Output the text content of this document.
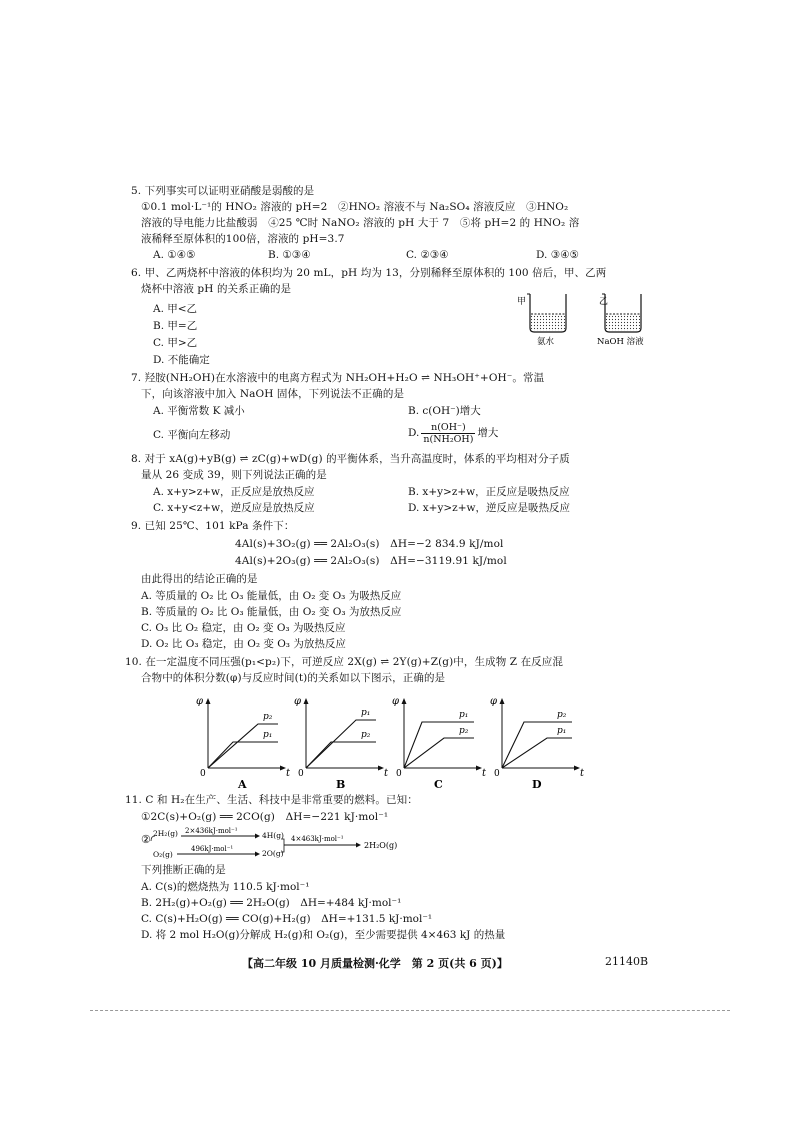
5. 下列事实可以证明亚硝酸是弱酸的是
①0.1 mol·L⁻¹的 HNO₂ 溶液的 pH=2　②HNO₂ 溶液不与 Na₂SO₄ 溶液反应　③HNO₂
溶液的导电能力比盐酸弱　④25 ℃时 NaNO₂ 溶液的 pH 大于 7　⑤将 pH=2 的 HNO₂ 溶
液稀释至原体积的100倍，溶液的 pH=3.7
A. ①④⑤	B. ①③④	C. ②③④	D. ③④⑤
6. 甲、乙两烧杯中溶液的体积均为 20 mL，pH 均为 13，分别稀释至原体积的 100 倍后，甲、乙两
烧杯中溶液 pH 的关系正确的是
A. 甲<乙
B. 甲=乙
C. 甲>乙
D. 不能确定
甲
氨水
乙
NaOH 溶液
7. 羟胺(NH₂OH)在水溶液中的电离方程式为 NH₂OH+H₂O ⇌ NH₃OH⁺+OH⁻。常温
下，向该溶液中加入 NaOH 固体，下列说法不正确的是
A. 平衡常数 K 减小	B. c(OH⁻)增大
C. 平衡向左移动	D. $\frac{n(OH^-)}{\text{n(NH₂OH)}}$ 增大
8. 对于 xA(g)+yB(g) ⇌ zC(g)+wD(g) 的平衡体系，当升高温度时，体系的平均相对分子质
量从 26 变成 39，则下列说法正确的是
A. x+y>z+w，正反应是放热反应	B. x+y>z+w，正反应是吸热反应
C. x+y<z+w，逆反应是放热反应	D. x+y>z+w，逆反应是吸热反应
9. 已知 25℃、101 kPa 条件下：
4Al(s)+3O₂(g) ══ 2Al₂O₃(s)　ΔH=−2 834.9 kJ/mol
4Al(s)+2O₃(g) ══ 2Al₂O₃(s)　ΔH=−3119.91 kJ/mol
由此得出的结论正确的是
A. 等质量的 O₂ 比 O₃ 能量低，由 O₂ 变 O₃ 为吸热反应
B. 等质量的 O₂ 比 O₃ 能量低，由 O₂ 变 O₃ 为放热反应
C. O₃ 比 O₂ 稳定，由 O₂ 变 O₃ 为吸热反应
D. O₂ 比 O₃ 稳定，由 O₂ 变 O₃ 为放热反应
10. 在一定温度不同压强(p₁<p₂)下，可逆反应 2X(g) ⇌ 2Y(g)+Z(g)中，生成物 Z 在反应混
合物中的体积分数(φ)与反应时间(t)的关系如以下图示，正确的是
p₂
p₁
φ
t
0
A
p₁
p₂
φ
t
0
B
p₁
p₂
φ
t
0
C
p₂
p₁
φ
t
0
D
11. C 和 H₂在生产、生活、科技中是非常重要的燃料。已知：
①2C(s)+O₂(g) ══ 2CO(g)　ΔH=−221 kJ·mol⁻¹
② 2H₂(g)
O₂(g)
2×436kJ·mol⁻¹	4H(g)
496kJ·mol⁻¹	2O(g)
4×463kJ·mol⁻¹
2H₂O(g)
下列推断正确的是
A. C(s)的燃烧热为 110.5 kJ·mol⁻¹
B. 2H₂(g)+O₂(g) ══ 2H₂O(g)　ΔH=+484 kJ·mol⁻¹
C. C(s)+H₂O(g) ══ CO(g)+H₂(g)　ΔH=+131.5 kJ·mol⁻¹
D. 将 2 mol H₂O(g)分解成 H₂(g)和 O₂(g)，至少需要提供 4×463 kJ 的热量
【高二年级 10 月质量检测·化学　第 2 页(共 6 页)】	21140B
